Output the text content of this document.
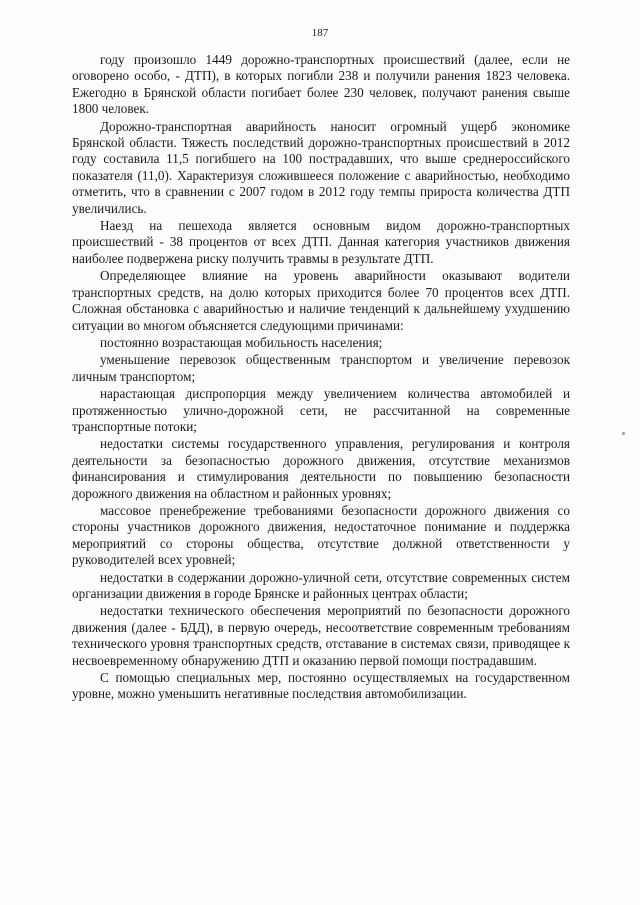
187

году произошло 1449 дорожно-транспортных происшествий (далее, если не оговорено особо, - ДТП), в которых погибли 238 и получили ранения 1823 человека. Ежегодно в Брянской области погибает более 230 человек, получают ранения свыше 1800 человек.

Дорожно-транспортная аварийность наносит огромный ущерб экономике Брянской области. Тяжесть последствий дорожно-транспортных происшествий в 2012 году составила 11,5 погибшего на 100 пострадавших, что выше среднероссийского показателя (11,0). Характеризуя сложившееся положение с аварийностью, необходимо отметить, что в сравнении с 2007 годом в 2012 году темпы прироста количества ДТП увеличились.

Наезд на пешехода является основным видом дорожно-транспортных происшествий - 38 процентов от всех ДТП. Данная категория участников движения наиболее подвержена риску получить травмы в результате ДТП.

Определяющее влияние на уровень аварийности оказывают водители транспортных средств, на долю которых приходится более 70 процентов всех ДТП. Сложная обстановка с аварийностью и наличие тенденций к дальнейшему ухудшению ситуации во многом объясняется следующими причинами:

постоянно возрастающая мобильность населения;

уменьшение перевозок общественным транспортом и увеличение перевозок личным транспортом;

нарастающая диспропорция между увеличением количества автомобилей и протяженностью улично-дорожной сети, не рассчитанной на современные транспортные потоки;

недостатки системы государственного управления, регулирования и контроля деятельности за безопасностью дорожного движения, отсутствие механизмов финансирования и стимулирования деятельности по повышению безопасности дорожного движения на областном и районных уровнях;

массовое пренебрежение требованиями безопасности дорожного движения со стороны участников дорожного движения, недостаточное понимание и поддержка мероприятий со стороны общества, отсутствие должной ответственности у руководителей всех уровней;

недостатки в содержании дорожно-уличной сети, отсутствие современных систем организации движения в городе Брянске и районных центрах области;

недостатки технического обеспечения мероприятий по безопасности дорожного движения (далее - БДД), в первую очередь, несоответствие современным требованиям технического уровня транспортных средств, отставание в системах связи, приводящее к несвоевременному обнаружению ДТП и оказанию первой помощи пострадавшим.

С помощью специальных мер, постоянно осуществляемых на государственном уровне, можно уменьшить негативные последствия автомобилизации.
